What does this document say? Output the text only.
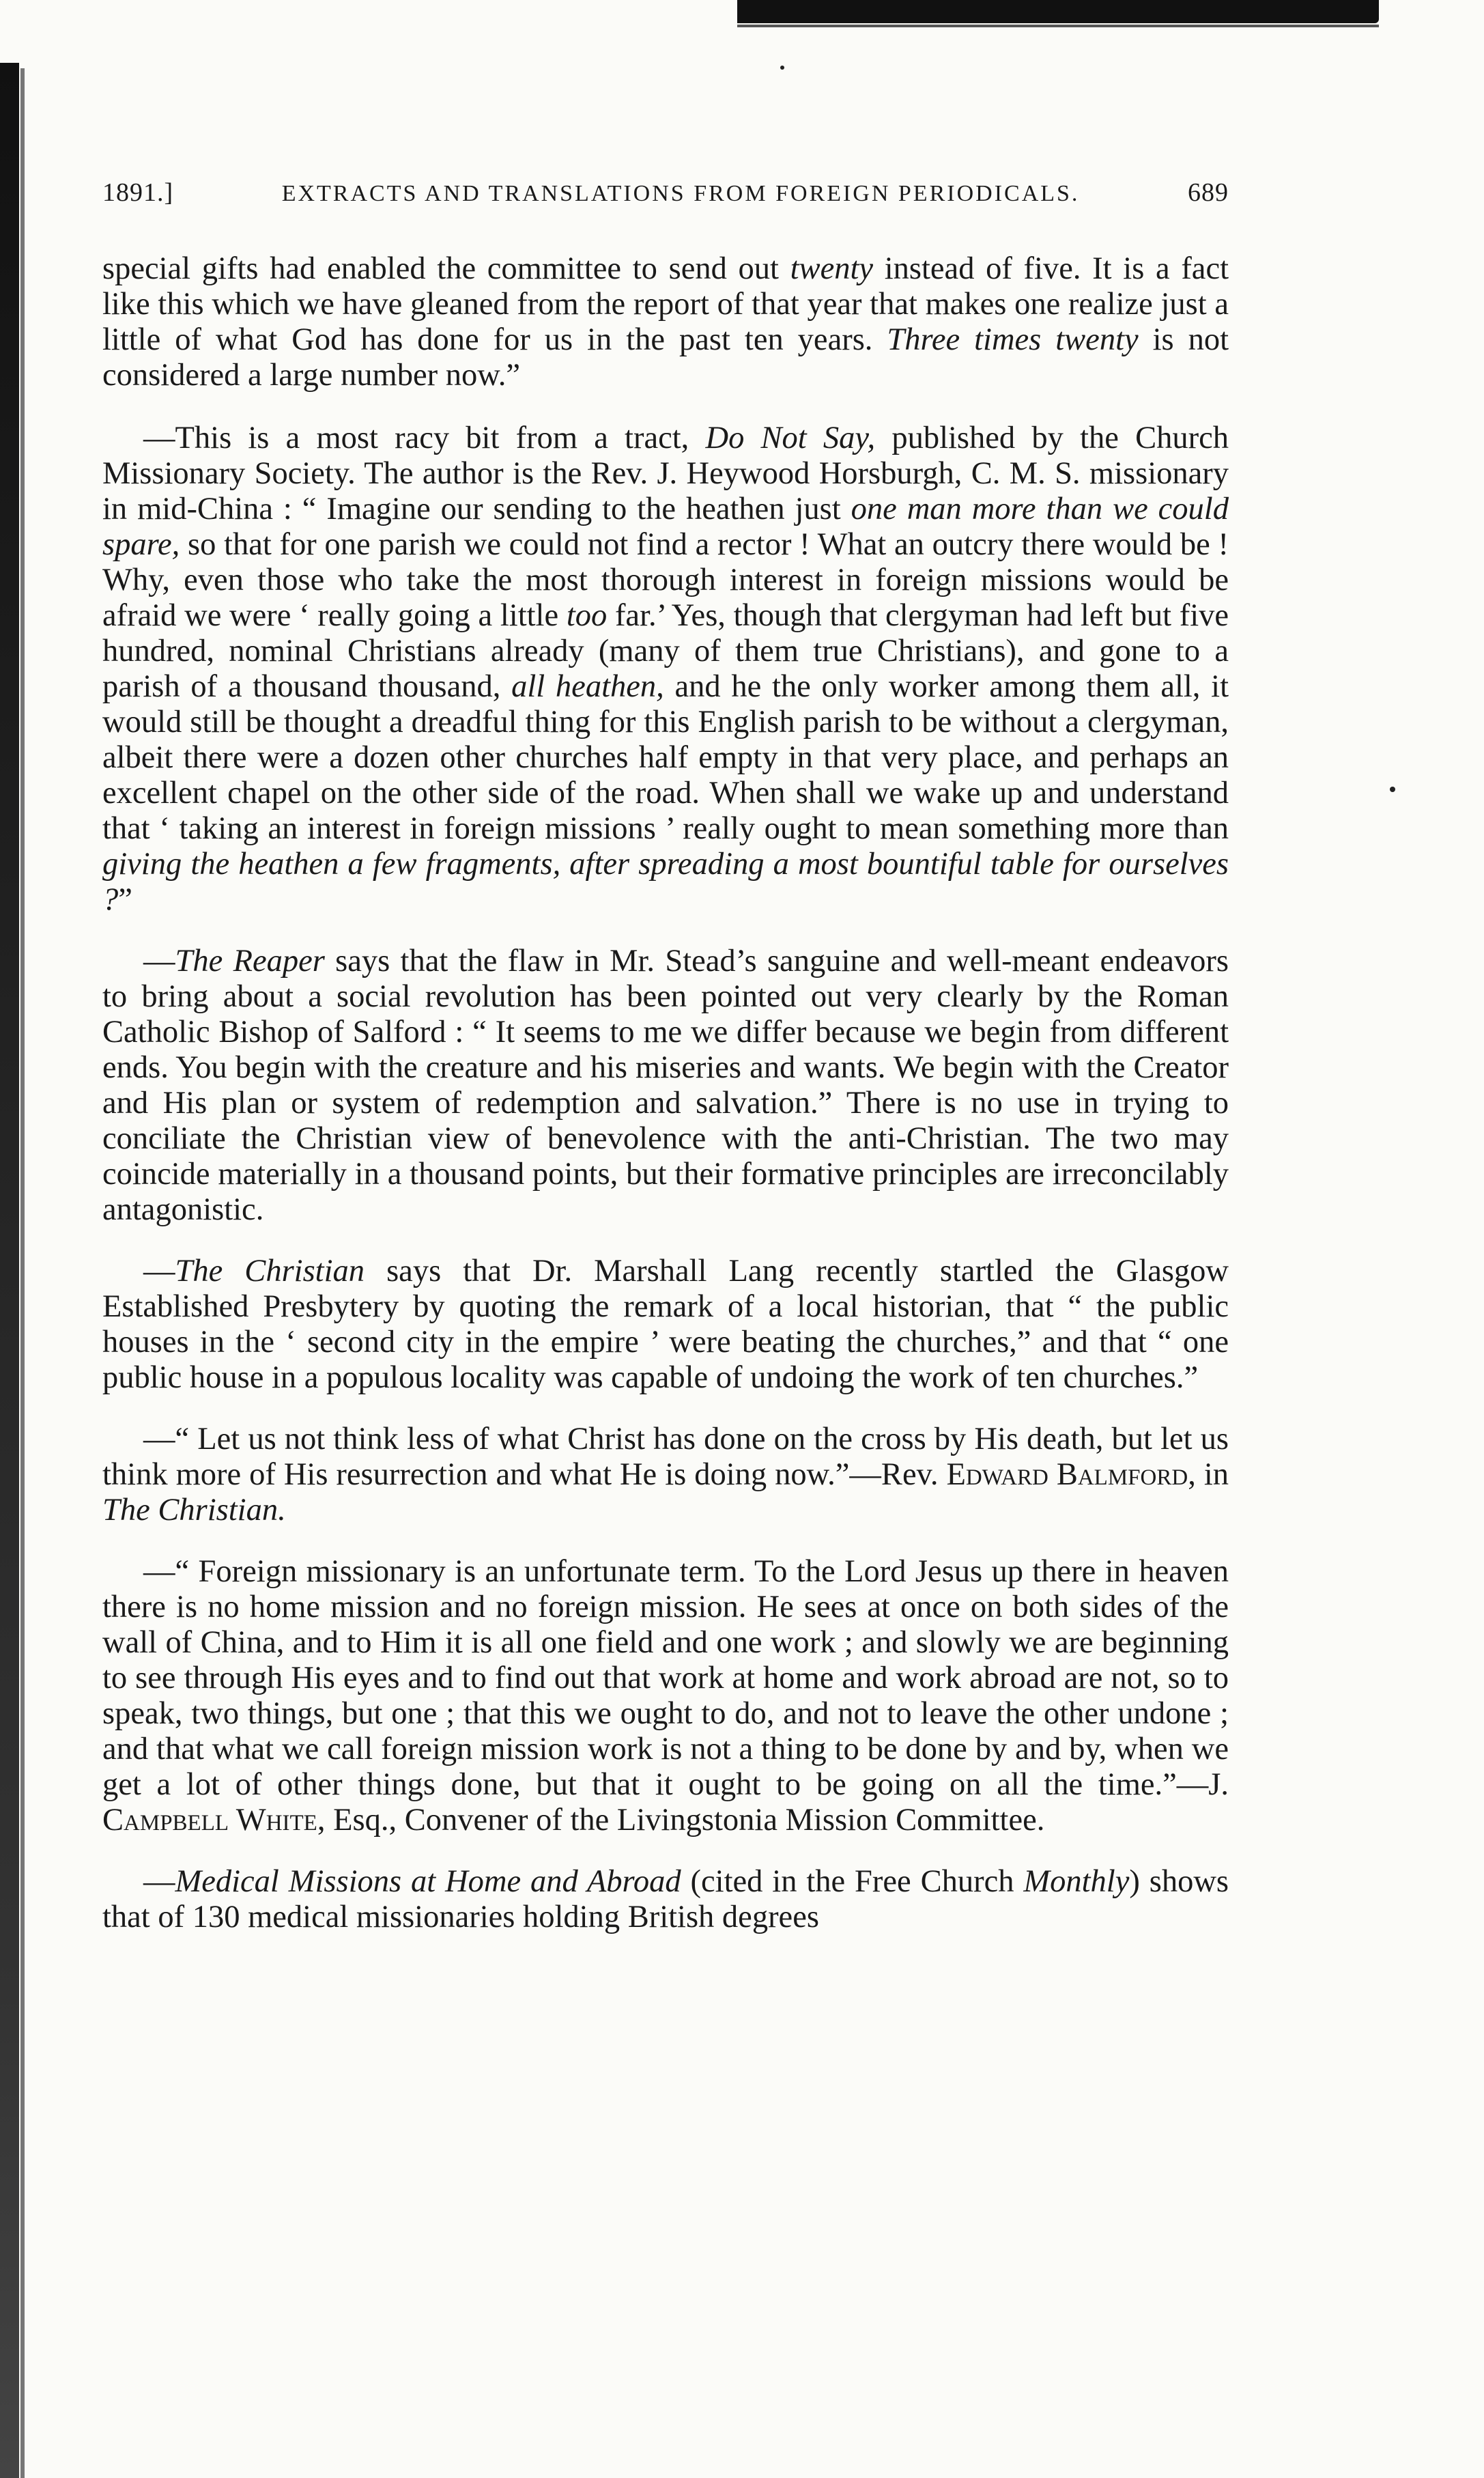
1891.]	EXTRACTS AND TRANSLATIONS FROM FOREIGN PERIODICALS.	689

special gifts had enabled the committee to send out twenty instead of five. It is a fact like this which we have gleaned from the report of that year that makes one realize just a little of what God has done for us in the past ten years. Three times twenty is not considered a large number now.”

—This is a most racy bit from a tract, Do Not Say, published by the Church Missionary Society. The author is the Rev. J. Heywood Horsburgh, C. M. S. missionary in mid-China : “ Imagine our sending to the heathen just one man more than we could spare, so that for one parish we could not find a rector ! What an outcry there would be ! Why, even those who take the most thorough interest in foreign missions would be afraid we were ‘ really going a little too far.’ Yes, though that clergyman had left but five hundred, nominal Christians already (many of them true Christians), and gone to a parish of a thousand thousand, all heathen, and he the only worker among them all, it would still be thought a dreadful thing for this English parish to be without a clergyman, albeit there were a dozen other churches half empty in that very place, and perhaps an excellent chapel on the other side of the road. When shall we wake up and understand that ‘ taking an interest in foreign missions ’ really ought to mean something more than giving the heathen a few fragments, after spreading a most bountiful table for ourselves ?”

—The Reaper says that the flaw in Mr. Stead’s sanguine and well-meant endeavors to bring about a social revolution has been pointed out very clearly by the Roman Catholic Bishop of Salford : “ It seems to me we differ because we begin from different ends. You begin with the creature and his miseries and wants. We begin with the Creator and His plan or system of redemption and salvation.” There is no use in trying to conciliate the Christian view of benevolence with the anti-Christian. The two may coincide materially in a thousand points, but their formative principles are irreconcilably antagonistic.

—The Christian says that Dr. Marshall Lang recently startled the Glasgow Established Presbytery by quoting the remark of a local historian, that “ the public houses in the ‘ second city in the empire ’ were beating the churches,” and that “ one public house in a populous locality was capable of undoing the work of ten churches.”

—“ Let us not think less of what Christ has done on the cross by His death, but let us think more of His resurrection and what He is doing now.”—Rev. Edward Balmford, in The Christian.

—“ Foreign missionary is an unfortunate term. To the Lord Jesus up there in heaven there is no home mission and no foreign mission. He sees at once on both sides of the wall of China, and to Him it is all one field and one work ; and slowly we are beginning to see through His eyes and to find out that work at home and work abroad are not, so to speak, two things, but one ; that this we ought to do, and not to leave the other undone ; and that what we call foreign mission work is not a thing to be done by and by, when we get a lot of other things done, but that it ought to be going on all the time.”—J. Campbell White, Esq., Convener of the Livingstonia Mission Committee.

—Medical Missions at Home and Abroad (cited in the Free Church Monthly) shows that of 130 medical missionaries holding British degrees
